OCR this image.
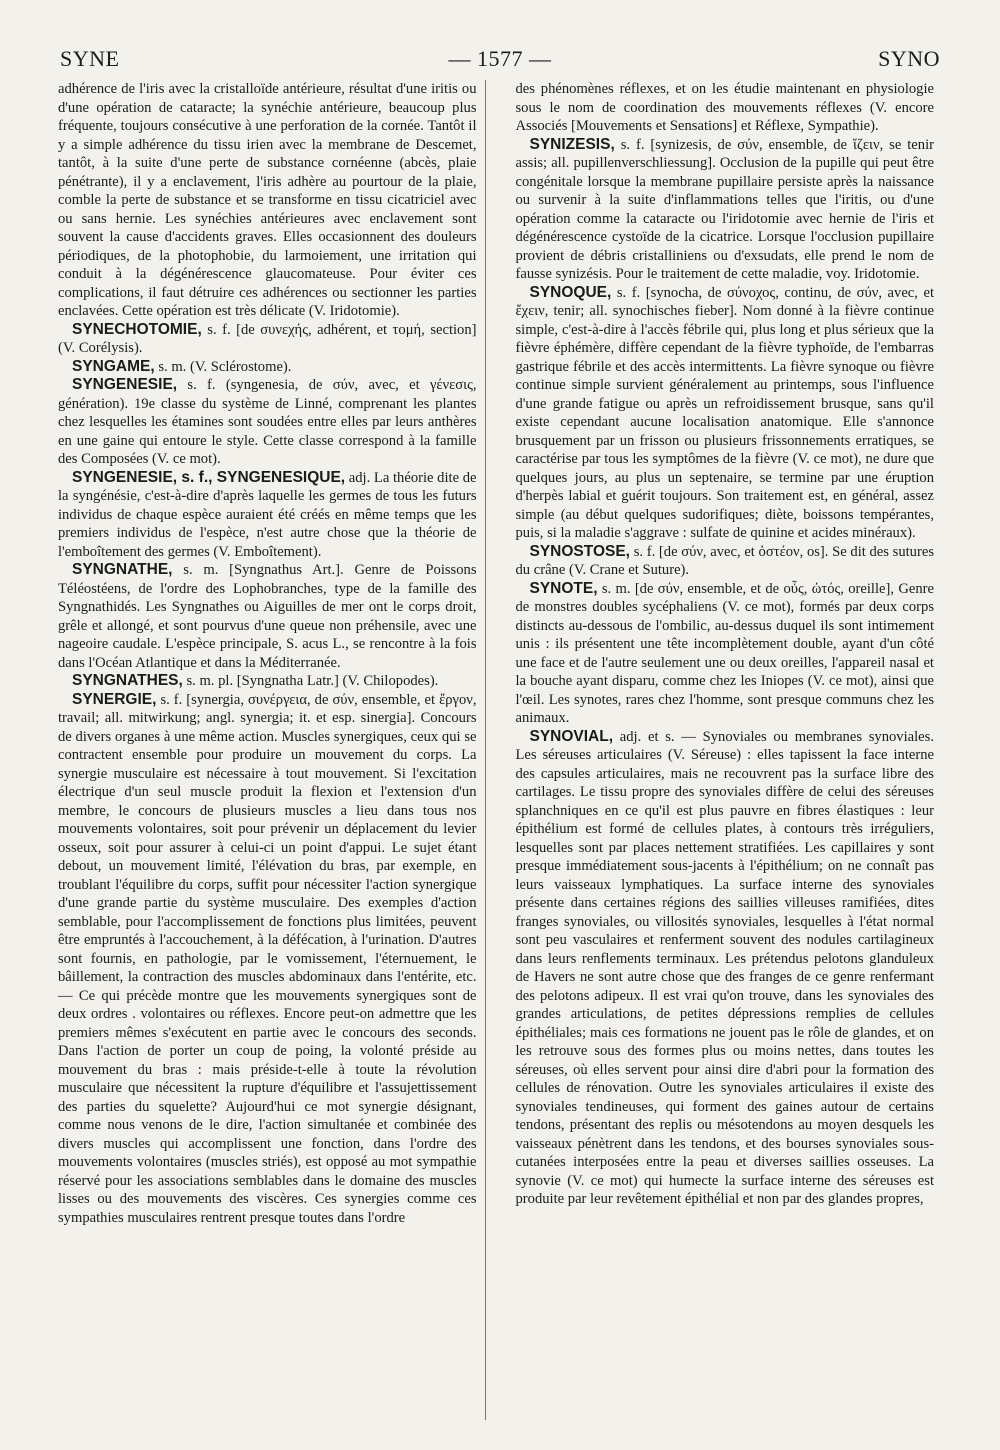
SYNE	— 1577 —	SYNO

adhérence de l'iris avec la cristalloïde antérieure, résultat d'une iritis ou d'une opération de cataracte; la synéchie antérieure, beaucoup plus fréquente, toujours consécutive à une perforation de la cornée. Tantôt il y a simple adhérence du tissu irien avec la membrane de Descemet, tantôt, à la suite d'une perte de substance cornéenne (abcès, plaie pénétrante), il y a enclavement, l'iris adhère au pourtour de la plaie, comble la perte de substance et se transforme en tissu cicatriciel avec ou sans hernie. Les synéchies antérieures avec enclavement sont souvent la cause d'accidents graves. Elles occasionnent des douleurs périodiques, de la photophobie, du larmoiement, une irritation qui conduit à la dégénérescence glaucomateuse. Pour éviter ces complications, il faut détruire ces adhérences ou sectionner les parties enclavées. Cette opération est très délicate (V. Iridotomie).

SYNECHOTOMIE, s. f. [de συνεχής, adhérent, et τομή, section] (V. Corélysis).

SYNGAME, s. m. (V. Sclérostome).

SYNGENESIE, s. f. (syngenesia, de σύν, avec, et γένεσις, génération). 19e classe du système de Linné, comprenant les plantes chez lesquelles les étamines sont soudées entre elles par leurs anthères en une gaine qui entoure le style. Cette classe correspond à la famille des Composées (V. ce mot).

SYNGENESIE, s. f., SYNGENESIQUE, adj. La théorie dite de la syngénésie, c'est-à-dire d'après laquelle les germes de tous les futurs individus de chaque espèce auraient été créés en même temps que les premiers individus de l'espèce, n'est autre chose que la théorie de l'emboîtement des germes (V. Emboîtement).

SYNGNATHE, s. m. [Syngnathus Art.]. Genre de Poissons Téléostéens, de l'ordre des Lophobranches, type de la famille des Syngnathidés. Les Syngnathes ou Aiguilles de mer ont le corps droit, grêle et allongé, et sont pourvus d'une queue non préhensile, avec une nageoire caudale. L'espèce principale, S. acus L., se rencontre à la fois dans l'Océan Atlantique et dans la Méditerranée.

SYNGNATHES, s. m. pl. [Syngnatha Latr.] (V. Chilopodes).

SYNERGIE, s. f. [synergia, συνέργεια, de σύν, ensemble, et ἔργον, travail; all. mitwirkung; angl. synergia; it. et esp. sinergia]. Concours de divers organes à une même action. Muscles synergiques, ceux qui se contractent ensemble pour produire un mouvement du corps. La synergie musculaire est nécessaire à tout mouvement. Si l'excitation électrique d'un seul muscle produit la flexion et l'extension d'un membre, le concours de plusieurs muscles a lieu dans tous nos mouvements volontaires, soit pour prévenir un déplacement du levier osseux, soit pour assurer à celui-ci un point d'appui. Le sujet étant debout, un mouvement limité, l'élévation du bras, par exemple, en troublant l'équilibre du corps, suffit pour nécessiter l'action synergique d'une grande partie du système musculaire. Des exemples d'action semblable, pour l'accomplissement de fonctions plus limitées, peuvent être empruntés à l'accouchement, à la défécation, à l'urination. D'autres sont fournis, en pathologie, par le vomissement, l'éternuement, le bâillement, la contraction des muscles abdominaux dans l'entérite, etc. — Ce qui précède montre que les mouvements synergiques sont de deux ordres . volontaires ou réflexes. Encore peut-on admettre que les premiers mêmes s'exécutent en partie avec le concours des seconds. Dans l'action de porter un coup de poing, la volonté préside au mouvement du bras : mais préside-t-elle à toute la révolution musculaire que nécessitent la rupture d'équilibre et l'assujettissement des parties du squelette? Aujourd'hui ce mot synergie désignant, comme nous venons de le dire, l'action simultanée et combinée des divers muscles qui accomplissent une fonction, dans l'ordre des mouvements volontaires (muscles striés), est opposé au mot sympathie réservé pour les associations semblables dans le domaine des muscles lisses ou des mouvements des viscères. Ces synergies comme ces sympathies musculaires rentrent presque toutes dans l'ordre

des phénomènes réflexes, et on les étudie maintenant en physiologie sous le nom de coordination des mouvements réflexes (V. encore Associés [Mouvements et Sensations] et Réflexe, Sympathie).

SYNIZESIS, s. f. [synizesis, de σύν, ensemble, de ἵζειν, se tenir assis; all. pupillenverschliessung]. Occlusion de la pupille qui peut être congénitale lorsque la membrane pupillaire persiste après la naissance ou survenir à la suite d'inflammations telles que l'iritis, ou d'une opération comme la cataracte ou l'iridotomie avec hernie de l'iris et dégénérescence cystoïde de la cicatrice. Lorsque l'occlusion pupillaire provient de débris cristalliniens ou d'exsudats, elle prend le nom de fausse synizésis. Pour le traitement de cette maladie, voy. Iridotomie.

SYNOQUE, s. f. [synocha, de σύνοχος, continu, de σύν, avec, et ἔχειν, tenir; all. synochisches fieber]. Nom donné à la fièvre continue simple, c'est-à-dire à l'accès fébrile qui, plus long et plus sérieux que la fièvre éphémère, diffère cependant de la fièvre typhoïde, de l'embarras gastrique fébrile et des accès intermittents. La fièvre synoque ou fièvre continue simple survient généralement au printemps, sous l'influence d'une grande fatigue ou après un refroidissement brusque, sans qu'il existe cependant aucune localisation anatomique. Elle s'annonce brusquement par un frisson ou plusieurs frissonnements erratiques, se caractérise par tous les symptômes de la fièvre (V. ce mot), ne dure que quelques jours, au plus un septenaire, se termine par une éruption d'herpès labial et guérit toujours. Son traitement est, en général, assez simple (au début quelques sudorifiques; diète, boissons tempérantes, puis, si la maladie s'aggrave : sulfate de quinine et acides minéraux).

SYNOSTOSE, s. f. [de σύν, avec, et ὀστέον, os]. Se dit des sutures du crâne (V. Crane et Suture).

SYNOTE, s. m. [de σύν, ensemble, et de οὖς, ὠτός, oreille], Genre de monstres doubles sycéphaliens (V. ce mot), formés par deux corps distincts au-dessous de l'ombilic, au-dessus duquel ils sont intimement unis : ils présentent une tête incomplètement double, ayant d'un côté une face et de l'autre seulement une ou deux oreilles, l'appareil nasal et la bouche ayant disparu, comme chez les Iniopes (V. ce mot), ainsi que l'œil. Les synotes, rares chez l'homme, sont presque communs chez les animaux.

SYNOVIAL, adj. et s. — Synoviales ou membranes synoviales. Les séreuses articulaires (V. Séreuse) : elles tapissent la face interne des capsules articulaires, mais ne recouvrent pas la surface libre des cartilages. Le tissu propre des synoviales diffère de celui des séreuses splanchniques en ce qu'il est plus pauvre en fibres élastiques : leur épithélium est formé de cellules plates, à contours très irréguliers, lesquelles sont par places nettement stratifiées. Les capillaires y sont presque immédiatement sous-jacents à l'épithélium; on ne connaît pas leurs vaisseaux lymphatiques. La surface interne des synoviales présente dans certaines régions des saillies villeuses ramifiées, dites franges synoviales, ou villosités synoviales, lesquelles à l'état normal sont peu vasculaires et renferment souvent des nodules cartilagineux dans leurs renflements terminaux. Les prétendus pelotons glanduleux de Havers ne sont autre chose que des franges de ce genre renfermant des pelotons adipeux. Il est vrai qu'on trouve, dans les synoviales des grandes articulations, de petites dépressions remplies de cellules épithéliales; mais ces formations ne jouent pas le rôle de glandes, et on les retrouve sous des formes plus ou moins nettes, dans toutes les séreuses, où elles servent pour ainsi dire d'abri pour la formation des cellules de rénovation. Outre les synoviales articulaires il existe des synoviales tendineuses, qui forment des gaines autour de certains tendons, présentant des replis ou mésotendons au moyen desquels les vaisseaux pénètrent dans les tendons, et des bourses synoviales sous-cutanées interposées entre la peau et diverses saillies osseuses. La synovie (V. ce mot) qui humecte la surface interne des séreuses est produite par leur revêtement épithélial et non par des glandes propres,
